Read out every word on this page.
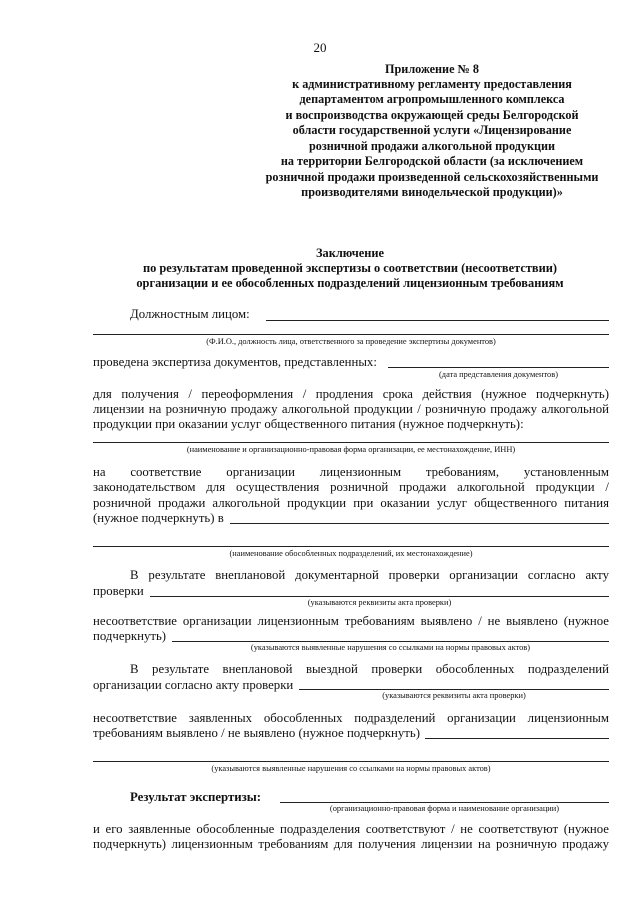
20
Приложение № 8
к административному регламенту предоставления
департаментом агропромышленного комплекса
и воспроизводства окружающей среды Белгородской
области государственной услуги «Лицензирование
розничной продажи алкогольной продукции
на территории Белгородской области (за исключением
розничной продажи произведенной сельскохозяйственными
производителями винодельческой продукции)»
Заключение
по результатам проведенной экспертизы о соответствии (несоответствии)
организации и ее обособленных подразделений лицензионным требованиям
Должностным лицом:
(Ф.И.О., должность лица, ответственного за проведение экспертизы документов)
проведена экспертиза документов, представленных:
(дата представления документов)
для получения / переоформления / продления срока действия (нужное подчеркнуть)
лицензии на розничную продажу алкогольной продукции / розничную продажу алкогольной
продукции при оказании услуг общественного питания (нужное подчеркнуть):
(наименование и организационно-правовая форма организации, ее местонахождение, ИНН)
на соответствие организации лицензионным требованиям, установленным
законодательством для осуществления розничной продажи алкогольной продукции /
розничной продажи алкогольной продукции при оказании услуг общественного питания
(нужное подчеркнуть) в
(наименование обособленных подразделений, их местонахождение)
В результате внеплановой документарной проверки организации согласно акту
проверки
(указываются реквизиты акта проверки)
несоответствие организации лицензионным требованиям выявлено / не выявлено (нужное
подчеркнуть)
(указываются выявленные нарушения со ссылками на нормы правовых актов)
В результате внеплановой выездной проверки обособленных подразделений
организации согласно акту проверки
(указываются реквизиты акта проверки)
несоответствие заявленных обособленных подразделений организации лицензионным
требованиям выявлено / не выявлено (нужное подчеркнуть)
(указываются выявленные нарушения со ссылками на нормы правовых актов)
Результат экспертизы:
(организационно-правовая форма и наименование организации)
и его заявленные обособленные подразделения соответствуют / не соответствуют (нужное
подчеркнуть) лицензионным требованиям для получения лицензии на розничную продажу
